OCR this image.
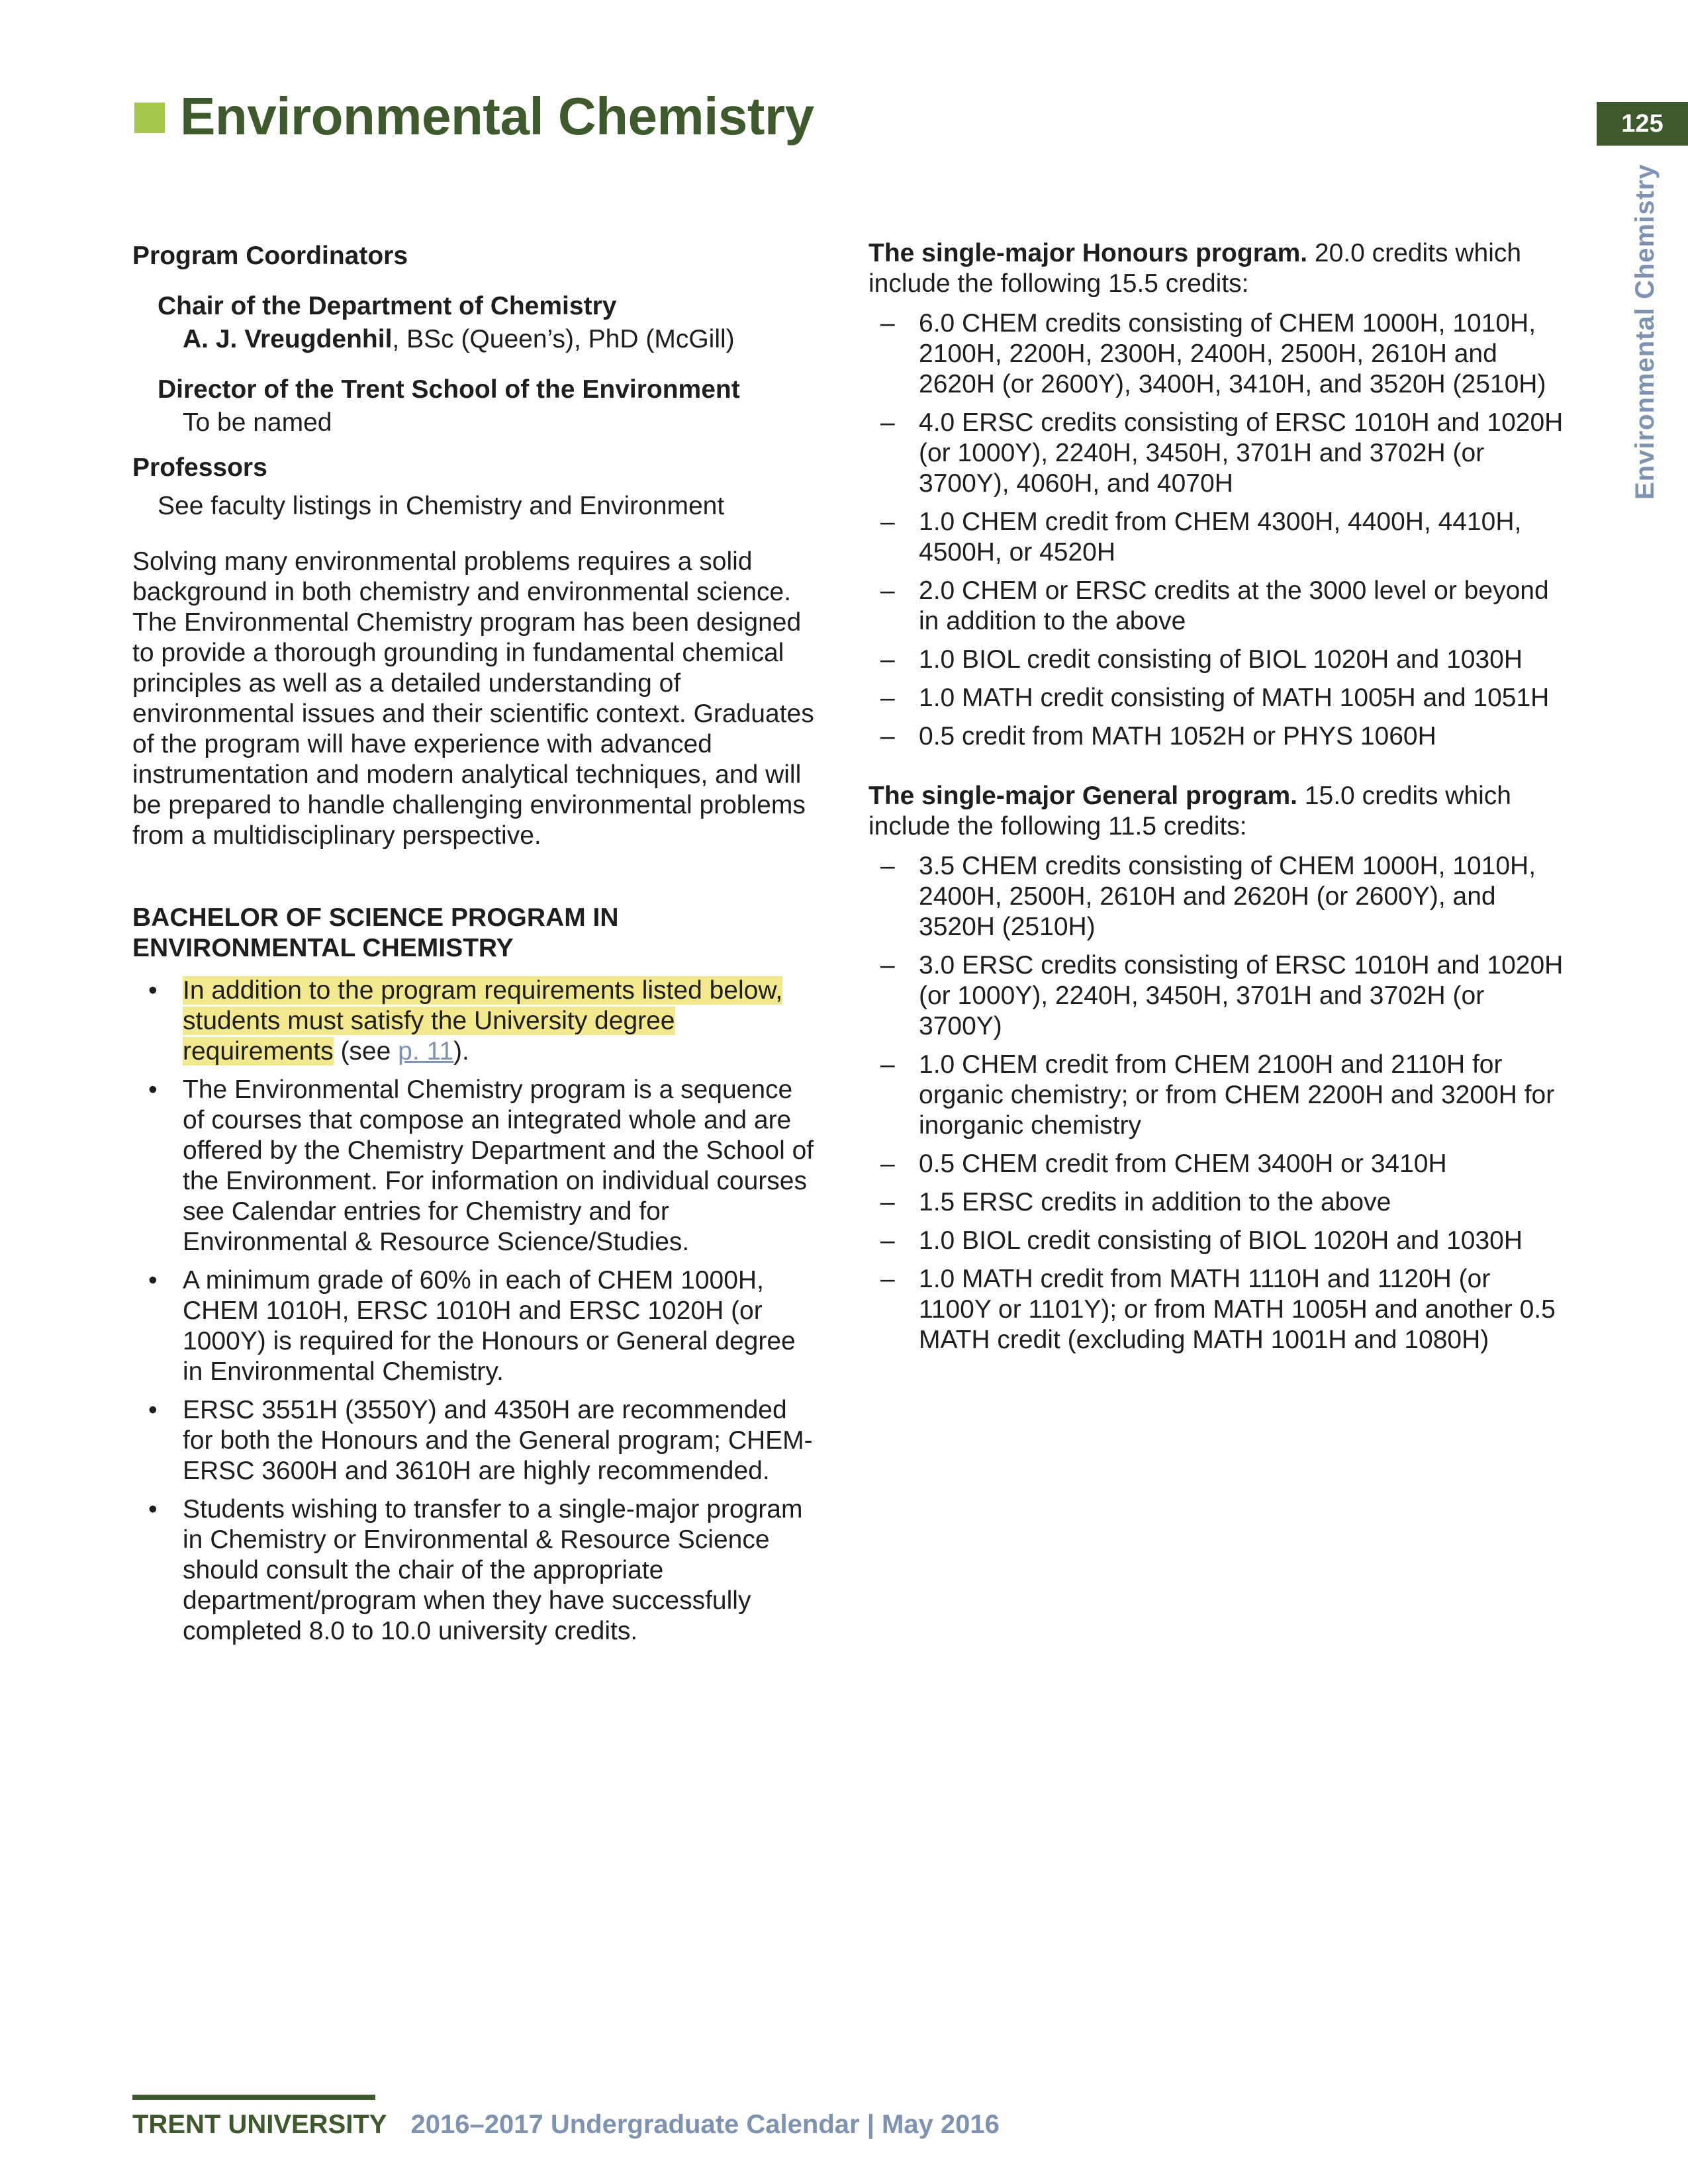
Environmental Chemistry	125
Environmental Chemistry
Program Coordinators
Chair of the Department of Chemistry
A. J. Vreugdenhil, BSc (Queen’s), PhD (McGill)
Director of the Trent School of the Environment
To be named
Professors
See faculty listings in Chemistry and Environment

Solving many environmental problems requires a solid background in both chemistry and environmental science. The Environmental Chemistry program has been designed to provide a thorough grounding in fundamental chemical principles as well as a detailed understanding of environmental issues and their scientific context. Graduates of the program will have experience with advanced instrumentation and modern analytical techniques, and will be prepared to handle challenging environmental problems from a multidisciplinary perspective.

BACHELOR OF SCIENCE PROGRAM IN
ENVIRONMENTAL CHEMISTRY
• In addition to the program requirements listed below, students must satisfy the University degree requirements (see p. 11).
• The Environmental Chemistry program is a sequence of courses that compose an integrated whole and are offered by the Chemistry Department and the School of the Environment. For information on individual courses see Calendar entries for Chemistry and for Environmental & Resource Science/Studies.
• A minimum grade of 60% in each of CHEM 1000H, CHEM 1010H, ERSC 1010H and ERSC 1020H (or 1000Y) is required for the Honours or General degree in Environmental Chemistry.
• ERSC 3551H (3550Y) and 4350H are recommended for both the Honours and the General program; CHEM-ERSC 3600H and 3610H are highly recommended.
• Students wishing to transfer to a single-major program in Chemistry or Environmental & Resource Science should consult the chair of the appropriate department/program when they have successfully completed 8.0 to 10.0 university credits.
The single-major Honours program. 20.0 credits which include the following 15.5 credits:
– 6.0 CHEM credits consisting of CHEM 1000H, 1010H, 2100H, 2200H, 2300H, 2400H, 2500H, 2610H and 2620H (or 2600Y), 3400H, 3410H, and 3520H (2510H)
– 4.0 ERSC credits consisting of ERSC 1010H and 1020H (or 1000Y), 2240H, 3450H, 3701H and 3702H (or 3700Y), 4060H, and 4070H
– 1.0 CHEM credit from CHEM 4300H, 4400H, 4410H, 4500H, or 4520H
– 2.0 CHEM or ERSC credits at the 3000 level or beyond in addition to the above
– 1.0 BIOL credit consisting of BIOL 1020H and 1030H
– 1.0 MATH credit consisting of MATH 1005H and 1051H
– 0.5 credit from MATH 1052H or PHYS 1060H
The single-major General program. 15.0 credits which include the following 11.5 credits:
– 3.5 CHEM credits consisting of CHEM 1000H, 1010H, 2400H, 2500H, 2610H and 2620H (or 2600Y), and 3520H (2510H)
– 3.0 ERSC credits consisting of ERSC 1010H and 1020H (or 1000Y), 2240H, 3450H, 3701H and 3702H (or 3700Y)
– 1.0 CHEM credit from CHEM 2100H and 2110H for organic chemistry; or from CHEM 2200H and 3200H for inorganic chemistry
– 0.5 CHEM credit from CHEM 3400H or 3410H
– 1.5 ERSC credits in addition to the above
– 1.0 BIOL credit consisting of BIOL 1020H and 1030H
– 1.0 MATH credit from MATH 1110H and 1120H (or 1100Y or 1101Y); or from MATH 1005H and another 0.5 MATH credit (excluding MATH 1001H and 1080H)
TRENT UNIVERSITY 2016–2017 Undergraduate Calendar | May 2016
